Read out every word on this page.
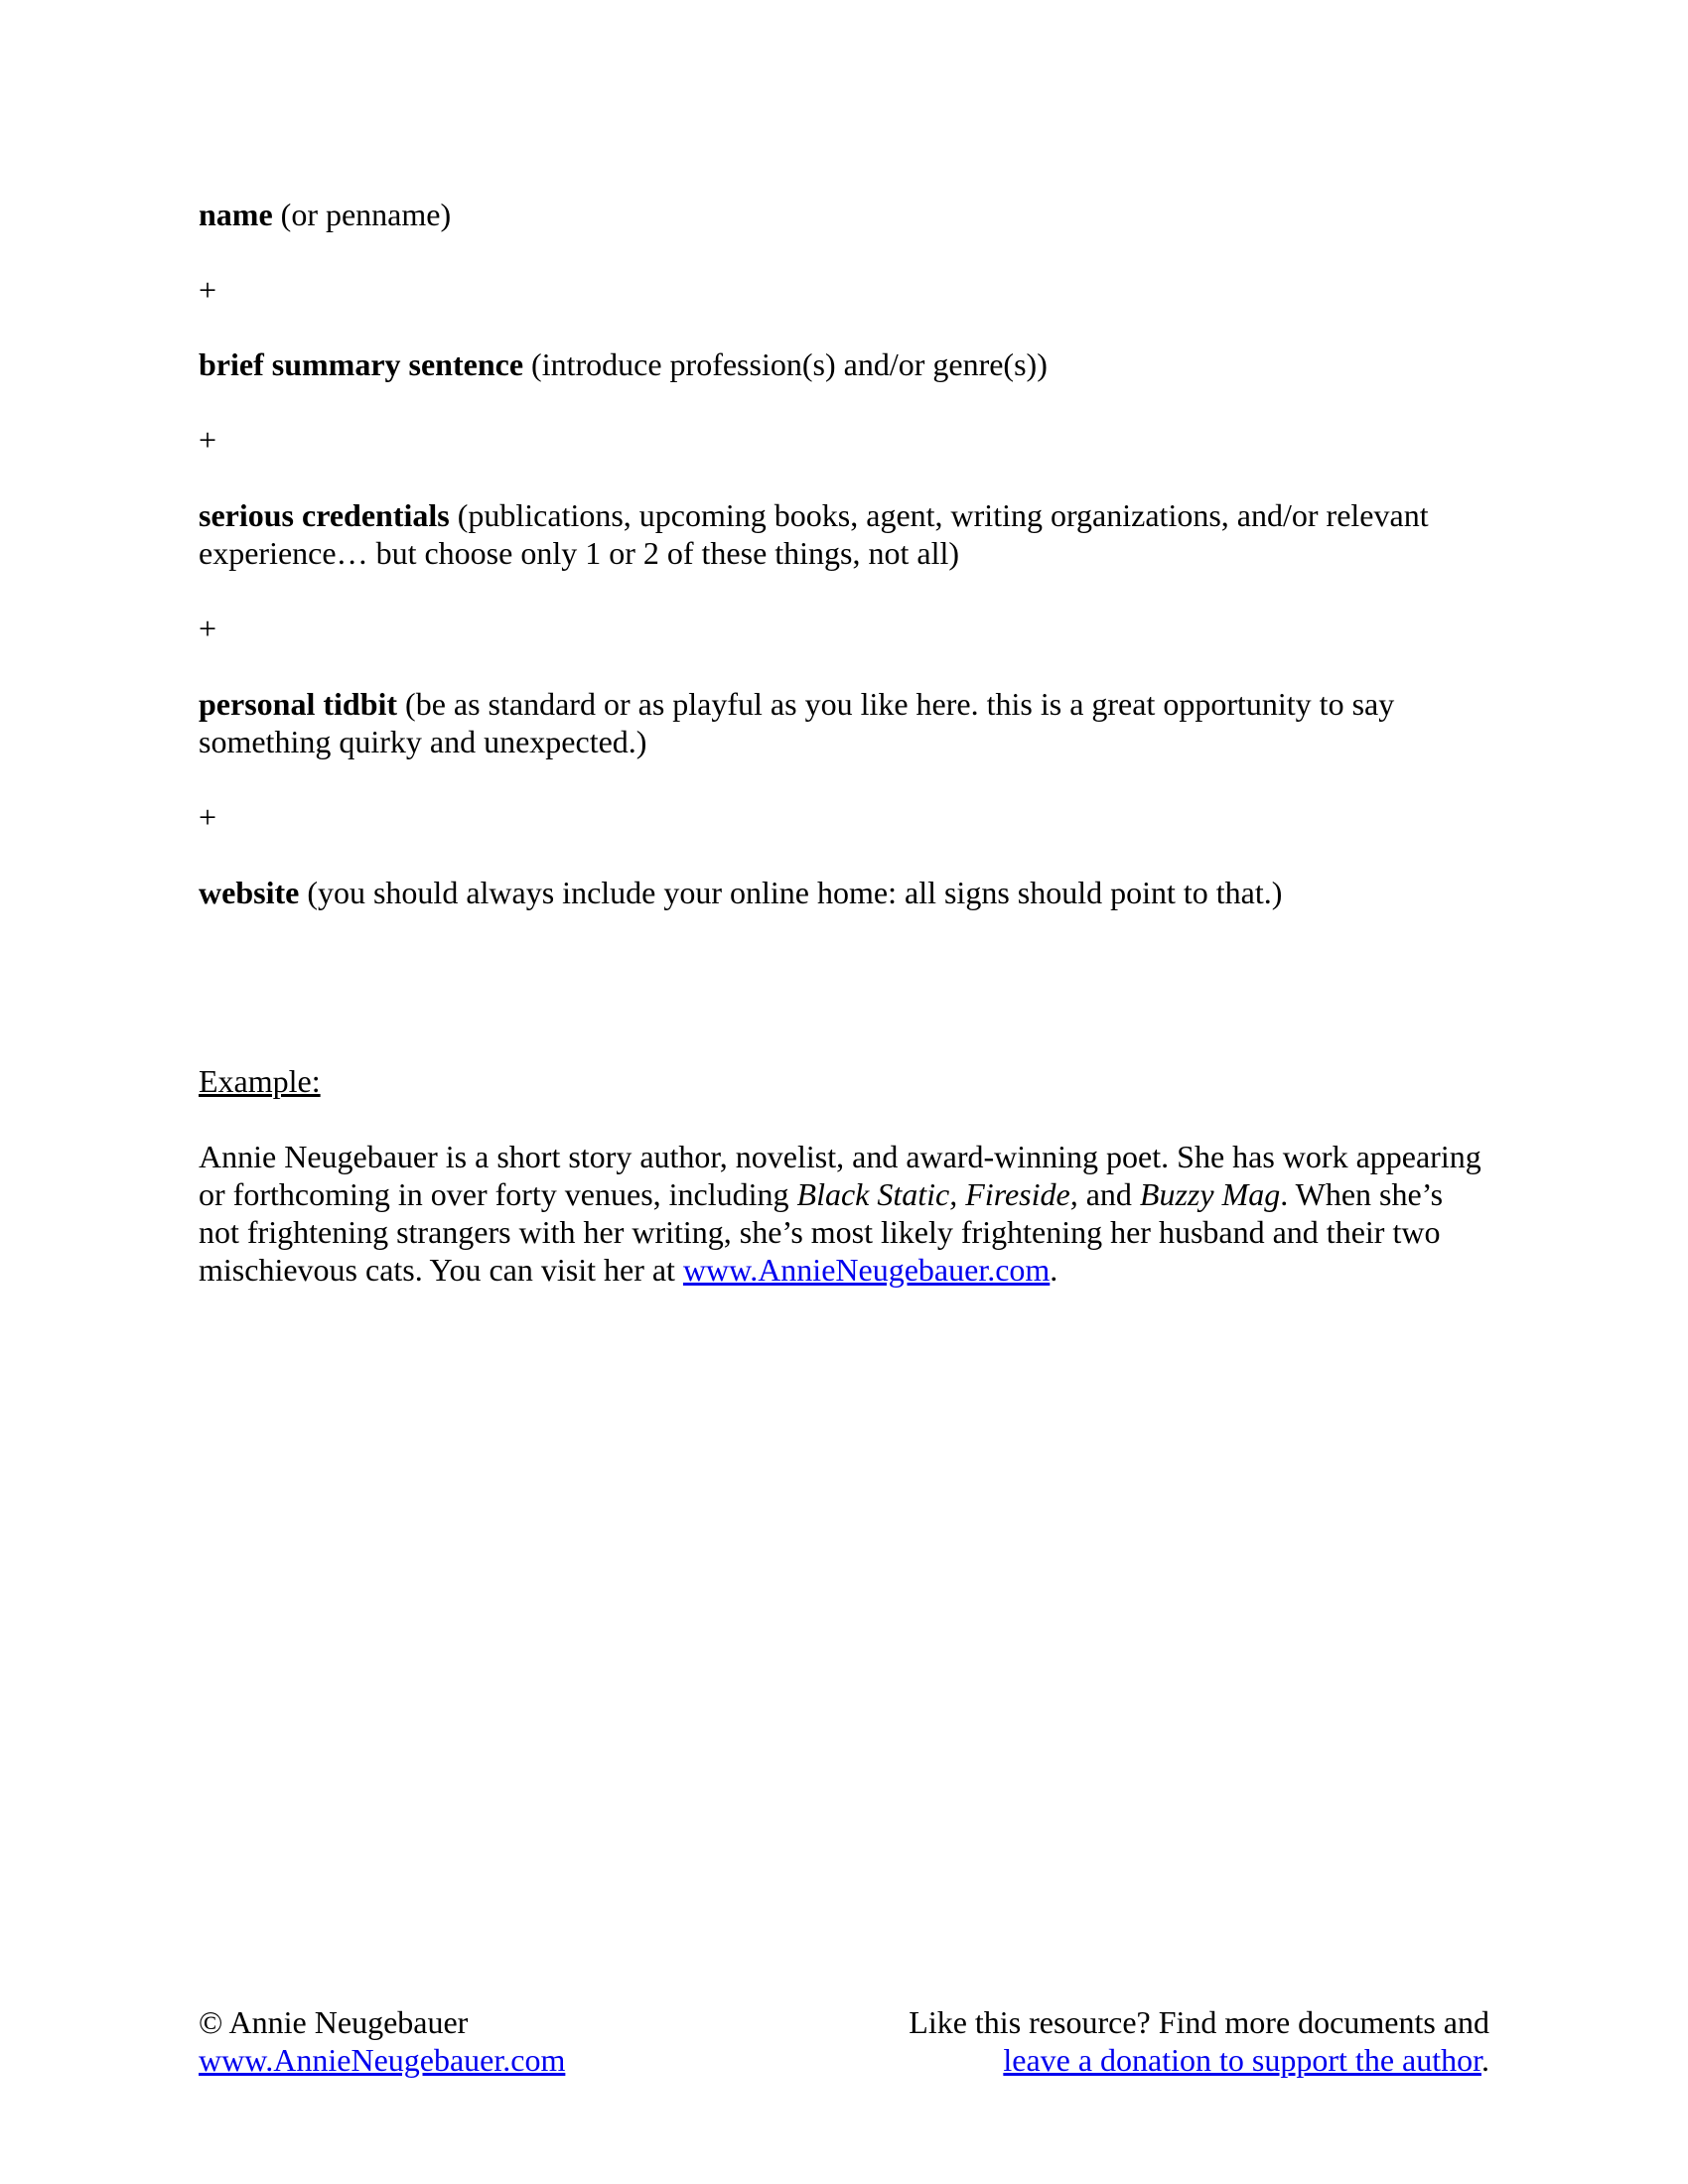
name (or penname)

+

brief summary sentence (introduce profession(s) and/or genre(s))

+

serious credentials (publications, upcoming books, agent, writing organizations, and/or relevant experience… but choose only 1 or 2 of these things, not all)

+

personal tidbit (be as standard or as playful as you like here. this is a great opportunity to say something quirky and unexpected.)

+

website (you should always include your online home: all signs should point to that.)

Example:

Annie Neugebauer is a short story author, novelist, and award-winning poet. She has work appearing or forthcoming in over forty venues, including Black Static, Fireside, and Buzzy Mag. When she’s not frightening strangers with her writing, she’s most likely frightening her husband and their two mischievous cats. You can visit her at www.AnnieNeugebauer.com.

© Annie Neugebauer
www.AnnieNeugebauer.com
Like this resource? Find more documents and
leave a donation to support the author.
